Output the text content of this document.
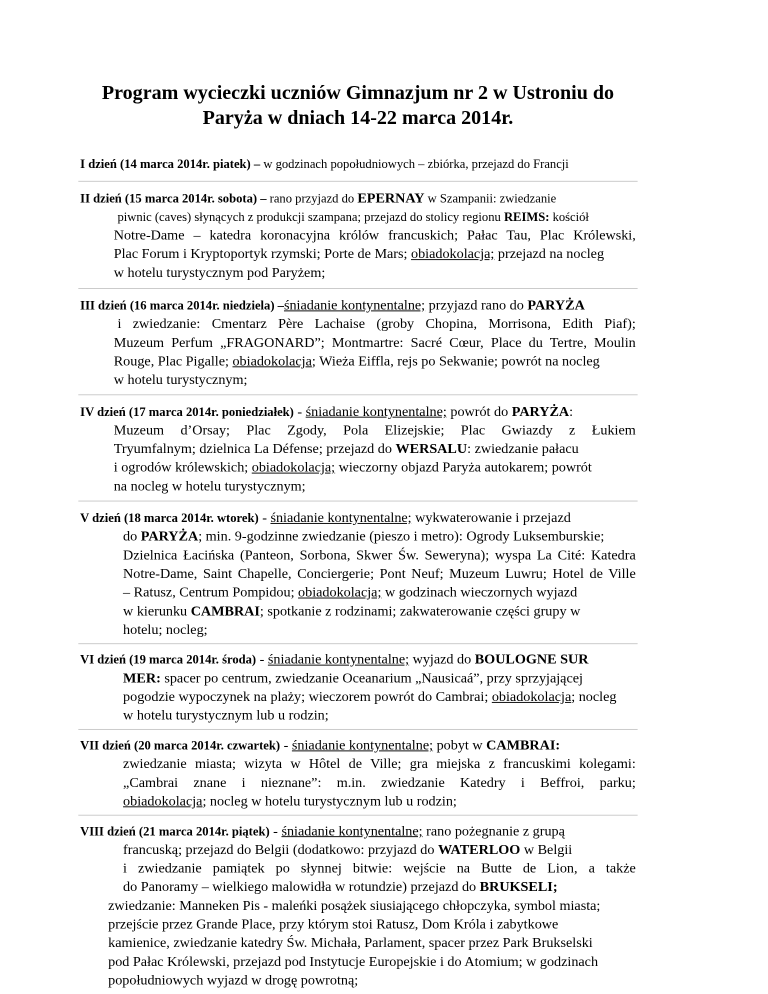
Program wycieczki uczniów Gimnazjum nr 2 w Ustroniu do
Paryża w dniach 14-22 marca 2014r.
I dzień (14 marca 2014r. piatek) – w godzinach popołudniowych – zbiórka, przejazd do Francji
II dzień (15 marca 2014r. sobota) – rano przyjazd do EPERNAY w Szampanii: zwiedzanie
piwnic (caves) słynących z produkcji szampana; przejazd do stolicy regionu REIMS: kościół
Notre-Dame – katedra koronacyjna królów francuskich; Pałac Tau, Plac Królewski,
Plac Forum i Kryptoportyk rzymski; Porte de Mars; obiadokolacja; przejazd na nocleg
w hotelu turystycznym pod Paryżem;
III dzień (16 marca 2014r. niedziela) –śniadanie kontynentalne; przyjazd rano do PARYŻA
i zwiedzanie: Cmentarz Père Lachaise (groby Chopina, Morrisona, Edith Piaf);
Muzeum Perfum „FRAGONARD”; Montmartre: Sacré Cœur, Place du Tertre, Moulin
Rouge, Plac Pigalle; obiadokolacja; Wieża Eiffla, rejs po Sekwanie; powrót na nocleg
w hotelu turystycznym;
IV dzień (17 marca 2014r. poniedziałek) - śniadanie kontynentalne; powrót do PARYŻA:
Muzeum d’Orsay; Plac Zgody, Pola Elizejskie; Plac Gwiazdy z Łukiem
Tryumfalnym; dzielnica La Défense; przejazd do WERSALU: zwiedzanie pałacu
i ogrodów królewskich; obiadokolacja; wieczorny objazd Paryża autokarem; powrót
na nocleg w hotelu turystycznym;
V dzień (18 marca 2014r. wtorek) - śniadanie kontynentalne; wykwaterowanie i przejazd
do PARYŻA; min. 9-godzinne zwiedzanie (pieszo i metro): Ogrody Luksemburskie;
Dzielnica Łacińska (Panteon, Sorbona, Skwer Św. Seweryna); wyspa La Cité: Katedra
Notre-Dame, Saint Chapelle, Conciergerie; Pont Neuf; Muzeum Luwru; Hotel de Ville
– Ratusz, Centrum Pompidou; obiadokolacja; w godzinach wieczornych wyjazd
w kierunku CAMBRAI; spotkanie z rodzinami; zakwaterowanie części grupy w
hotelu; nocleg;
VI dzień (19 marca 2014r. środa) - śniadanie kontynentalne; wyjazd do BOULOGNE SUR
MER: spacer po centrum, zwiedzanie Oceanarium „Nausicaá”, przy sprzyjającej
pogodzie wypoczynek na plaży; wieczorem powrót do Cambrai; obiadokolacja; nocleg
w hotelu turystycznym lub u rodzin;
VII dzień (20 marca 2014r. czwartek) - śniadanie kontynentalne; pobyt w CAMBRAI:
zwiedzanie miasta; wizyta w Hôtel de Ville; gra miejska z francuskimi kolegami:
„Cambrai znane i nieznane”: m.in. zwiedzanie Katedry i Beffroi, parku;
obiadokolacja; nocleg w hotelu turystycznym lub u rodzin;
VIII dzień (21 marca 2014r. piątek) - śniadanie kontynentalne; rano pożegnanie z grupą
francuską; przejazd do Belgii (dodatkowo: przyjazd do WATERLOO w Belgii
i zwiedzanie pamiątek po słynnej bitwie: wejście na Butte de Lion, a także
do Panoramy – wielkiego malowidła w rotundzie) przejazd do BRUKSELI;
zwiedzanie: Manneken Pis - maleńki posążek siusiającego chłopczyka, symbol miasta;
przejście przez Grande Place, przy którym stoi Ratusz, Dom Króla i zabytkowe
kamienice, zwiedzanie katedry Św. Michała, Parlament, spacer przez Park Brukselski
pod Pałac Królewski, przejazd pod Instytucje Europejskie i do Atomium; w godzinach
popołudniowych wyjazd w drogę powrotną;
